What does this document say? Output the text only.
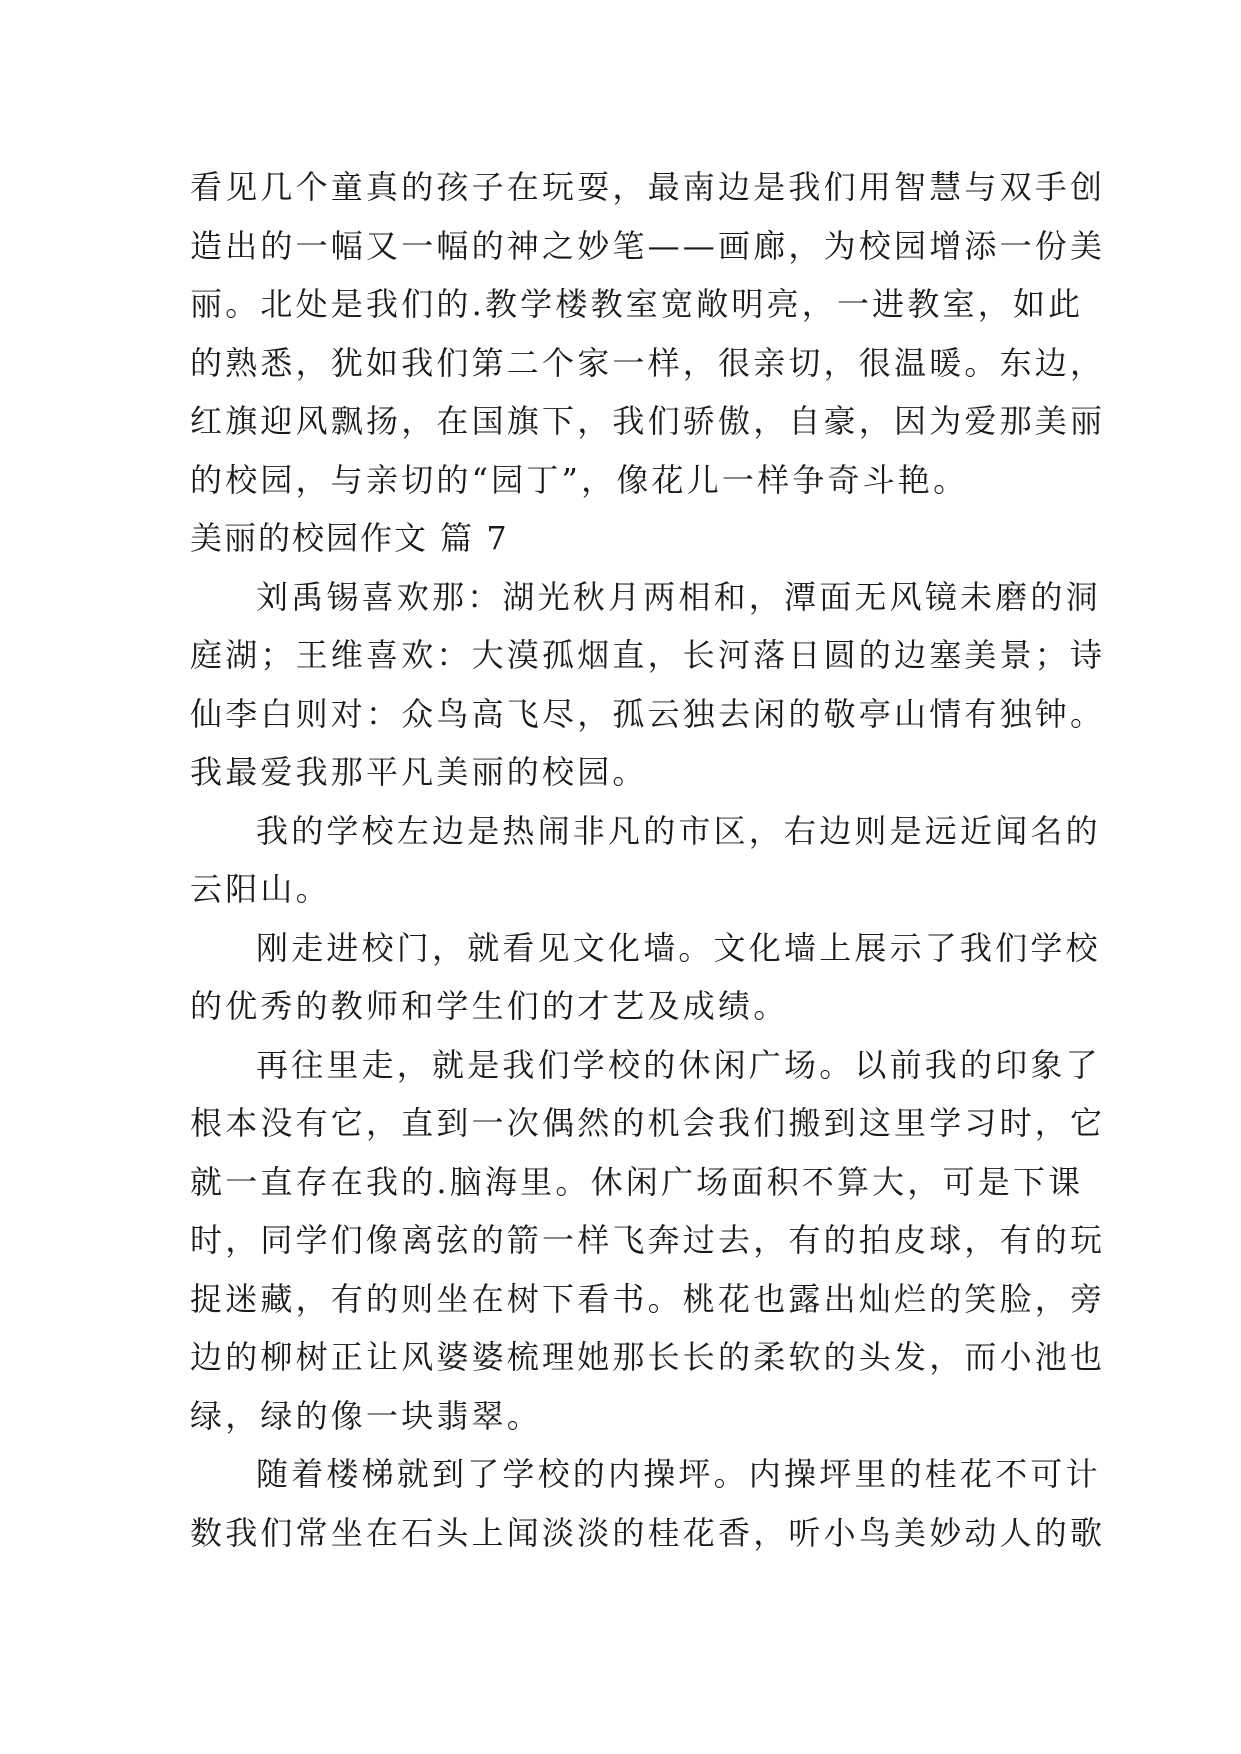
看见几个童真的孩子在玩耍，最南边是我们用智慧与双手创
造出的一幅又一幅的神之妙笔——画廊，为校园增添一份美
丽。北处是我们的.教学楼教室宽敞明亮，一进教室，如此
的熟悉，犹如我们第二个家一样，很亲切，很温暖。东边，
红旗迎风飘扬，在国旗下，我们骄傲，自豪，因为爱那美丽
的校园，与亲切的“园丁”，像花儿一样争奇斗艳。
美丽的校园作文 篇 7
刘禹锡喜欢那：湖光秋月两相和，潭面无风镜未磨的洞
庭湖；王维喜欢：大漠孤烟直，长河落日圆的边塞美景；诗
仙李白则对：众鸟高飞尽，孤云独去闲的敬亭山情有独钟。
我最爱我那平凡美丽的校园。
我的学校左边是热闹非凡的市区，右边则是远近闻名的
云阳山。
刚走进校门，就看见文化墙。文化墙上展示了我们学校
的优秀的教师和学生们的才艺及成绩。
再往里走，就是我们学校的休闲广场。以前我的印象了
根本没有它，直到一次偶然的机会我们搬到这里学习时，它
就一直存在我的.脑海里。休闲广场面积不算大，可是下课
时，同学们像离弦的箭一样飞奔过去，有的拍皮球，有的玩
捉迷藏，有的则坐在树下看书。桃花也露出灿烂的笑脸，旁
边的柳树正让风婆婆梳理她那长长的柔软的头发，而小池也
绿，绿的像一块翡翠。
随着楼梯就到了学校的内操坪。内操坪里的桂花不可计
数我们常坐在石头上闻淡淡的桂花香，听小鸟美妙动人的歌
